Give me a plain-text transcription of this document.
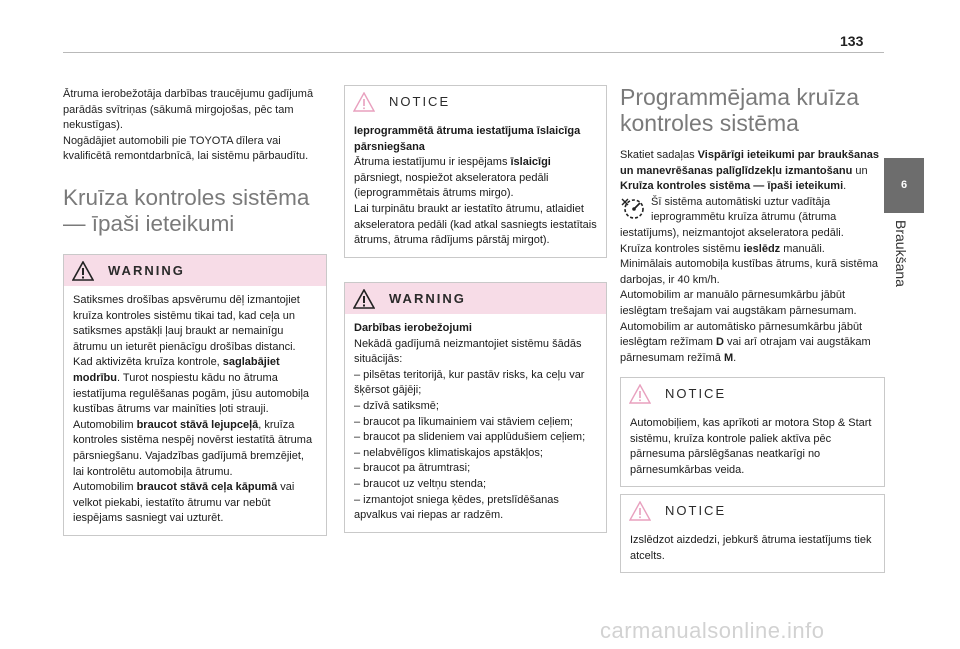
133
6
Braukšana

Ātruma ierobežotāja darbības traucējumu gadījumā parādās svītriņas (sākumā mirgojošas, pēc tam nekustīgas).
Nogādājiet automobili pie TOYOTA dīlera vai kvalificētā remontdarbnīcā, lai sistēmu pārbaudītu.

Kruīza kontroles sistēma — īpaši ieteikumi
WARNING

Satiksmes drošības apsvērumu dēļ izmantojiet kruīza kontroles sistēmu tikai tad, kad ceļa un satiksmes apstākļi ļauj braukt ar nemainīgu ātrumu un ieturēt pienācīgu drošības distanci.

Kad aktivizēta kruīza kontrole, saglabājiet modrību. Turot nospiestu kādu no ātruma iestatījuma regulēšanas pogām, jūsu automobiļa kustības ātrums var mainīties ļoti strauji.

Automobilim braucot stāvā lejupceļā, kruīza kontroles sistēma nespēj novērst iestatītā ātruma pārsniegšanu. Vajadzības gadījumā bremzējiet, lai kontrolētu automobiļa ātrumu.

Automobilim braucot stāvā ceļa kāpumā vai velkot piekabi, iestatīto ātrumu var nebūt iespējams sasniegt vai uzturēt.

NOTICE

Ieprogrammētā ātruma iestatījuma īslaicīga pārsniegšana

Ātruma iestatījumu ir iespējams īslaicīgi pārsniegt, nospiežot akseleratora pedāli (ieprogrammētais ātrums mirgo).

Lai turpinātu braukt ar iestatīto ātrumu, atlaidiet akseleratora pedāli (kad atkal sasniegts iestatītais ātrums, ātruma rādījums pārstāj mirgot).

WARNING

Darbības ierobežojumi

Nekādā gadījumā neizmantojiet sistēmu šādās situācijās:

– pilsētas teritorijā, kur pastāv risks, ka ceļu var šķērsot gājēji;

– dzīvā satiksmē;

– braucot pa līkumainiem vai stāviem ceļiem;

– braucot pa slideniem vai applūdušiem ceļiem;

– nelabvēlīgos klimatiskajos apstākļos;

– braucot pa ātrumtrasi;

– braucot uz veltņu stenda;

– izmantojot sniega ķēdes, pretslīdēšanas apvalkus vai riepas ar radzēm.

Programmējama kruīza kontroles sistēma

Skatiet sadaļas Vispārīgi ieteikumi par braukšanas un manevrēšanas palīglīdzekļu izmantošanu un Kruīza kontroles sistēma — īpaši ieteikumi.

Šī sistēma automātiski uztur vadītāja ieprogrammētu kruīza ātrumu (ātruma iestatījums), neizmantojot akseleratora pedāli.

Kruīza kontroles sistēmu ieslēdz manuāli.

Minimālais automobiļa kustības ātrums, kurā sistēma darbojas, ir 40 km/h.

Automobilim ar manuālo pārnesumkārbu jābūt ieslēgtam trešajam vai augstākam pārnesumam.

Automobilim ar automātisko pārnesumkārbu jābūt ieslēgtam režīmam D vai arī otrajam vai augstākam pārnesumam režīmā M.

NOTICE

Automobiļiem, kas aprīkoti ar motora Stop & Start sistēmu, kruīza kontrole paliek aktīva pēc pārnesuma pārslēgšanas neatkarīgi no pārnesumkārbas veida.

NOTICE

Izslēdzot aizdedzi, jebkurš ātruma iestatījums tiek atcelts.

carmanualsonline.info
